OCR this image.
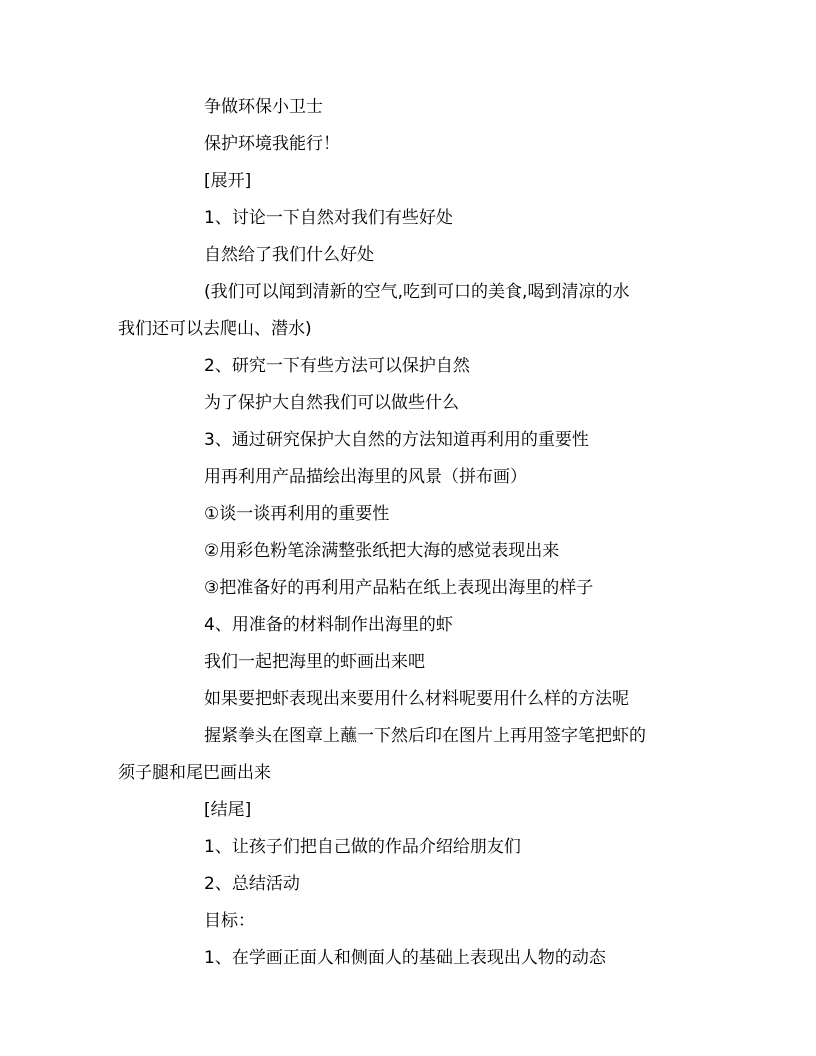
争做环保小卫士
保护环境我能行！
[展开]
1、讨论一下自然对我们有些好处
自然给了我们什么好处
(我们可以闻到清新的空气,吃到可口的美食,喝到清凉的水
我们还可以去爬山、潜水)
2、研究一下有些方法可以保护自然
为了保护大自然我们可以做些什么
3、通过研究保护大自然的方法知道再利用的重要性
用再利用产品描绘出海里的风景（拼布画）
①谈一谈再利用的重要性
②用彩色粉笔涂满整张纸把大海的感觉表现出来
③把准备好的再利用产品粘在纸上表现出海里的样子
4、用准备的材料制作出海里的虾
我们一起把海里的虾画出来吧
如果要把虾表现出来要用什么材料呢要用什么样的方法呢
握紧拳头在图章上蘸一下然后印在图片上再用签字笔把虾的
须子腿和尾巴画出来
[结尾]
1、让孩子们把自己做的作品介绍给朋友们
2、总结活动
目标：
1、在学画正面人和侧面人的基础上表现出人物的动态
